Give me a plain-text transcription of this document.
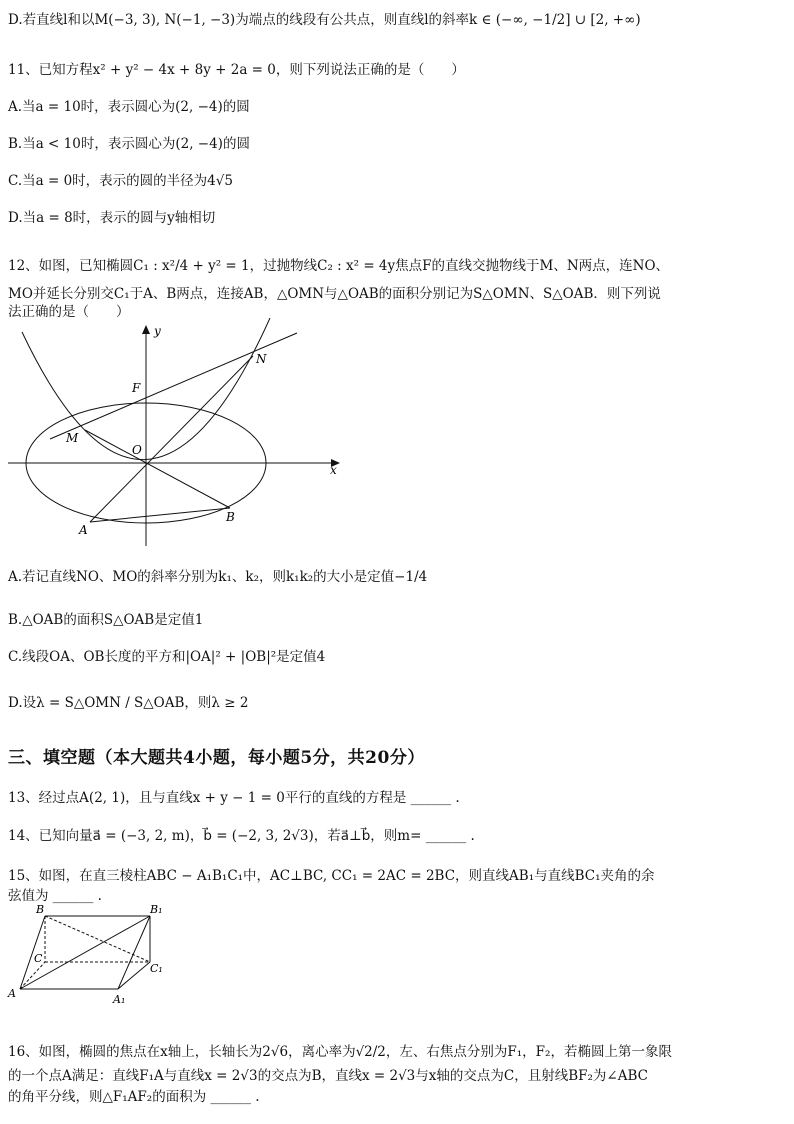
D.若直线l和以M(−3, 3), N(−1, −3)为端点的线段有公共点，则直线l的斜率k ∈ (−∞, −1/2] ∪ [2, +∞)
11、已知方程x² + y² − 4x + 8y + 2a = 0，则下列说法正确的是（　　）
A.当a = 10时，表示圆心为(2, −4)的圆
B.当a < 10时，表示圆心为(2, −4)的圆
C.当a = 0时，表示的圆的半径为4√5
D.当a = 8时，表示的圆与y轴相切
12、如图，已知椭圆C₁ : x²/4 + y² = 1，过抛物线C₂ : x² = 4y焦点F的直线交抛物线于M、N两点，连NO、
MO并延长分别交C₁于A、B两点，连接AB，△OMN与△OAB的面积分别记为S△OMN、S△OAB．则下列说
法正确的是（　　）
y
x
F
N
M
O
A
B
A.若记直线NO、MO的斜率分别为k₁、k₂，则k₁k₂的大小是定值−1/4
B.△OAB的面积S△OAB是定值1
C.线段OA、OB长度的平方和|OA|² + |OB|²是定值4
D.设λ = S△OMN / S△OAB，则λ ≥ 2
三、填空题（本大题共4小题，每小题5分，共20分）
13、经过点A(2, 1)，且与直线x + y − 1 = 0平行的直线的方程是 ______ .
14、已知向量a⃗ = (−3, 2, m)，b⃗ = (−2, 3, 2√3)，若a⃗⊥b⃗，则m= ______ .
15、如图，在直三棱柱ABC − A₁B₁C₁中，AC⊥BC, CC₁ = 2AC = 2BC，则直线AB₁与直线BC₁夹角的余
弦值为 ______ .
B	B₁
C
C₁
A	A₁
16、如图，椭圆的焦点在x轴上，长轴长为2√6，离心率为√2/2，左、右焦点分别为F₁，F₂，若椭圆上第一象限
的一个点A满足：直线F₁A与直线x = 2√3的交点为B，直线x = 2√3与x轴的交点为C，且射线BF₂为∠ABC
的角平分线，则△F₁AF₂的面积为 ______ .
